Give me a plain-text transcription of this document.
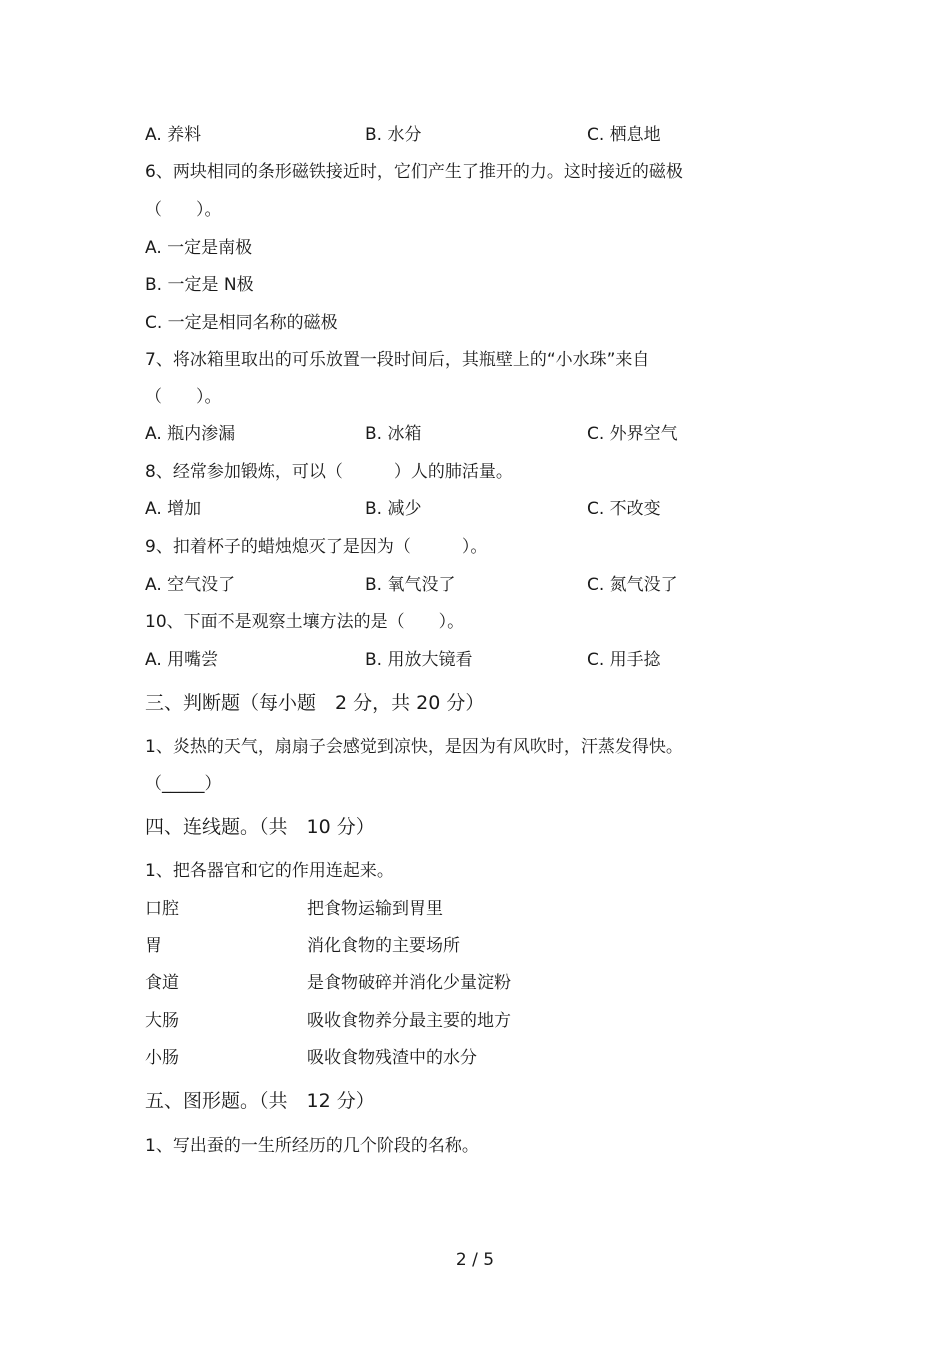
A. 养料	B. 水分	C. 栖息地
6、两块相同的条形磁铁接近时，它们产生了推开的力。这时接近的磁极
（　　）。
A. 一定是南极
B. 一定是 N极
C. 一定是相同名称的磁极
7、将冰箱里取出的可乐放置一段时间后，其瓶壁上的“小水珠”来自
（　　）。
A. 瓶内渗漏	B. 冰箱	C. 外界空气
8、经常参加锻炼，可以（　　　）人的肺活量。
A. 增加	B. 减少	C. 不改变
9、扣着杯子的蜡烛熄灭了是因为（　　　）。
A. 空气没了	B. 氧气没了	C. 氮气没了
10、下面不是观察土壤方法的是（　　）。
A. 用嘴尝	B. 用放大镜看	C. 用手捻
三、判断题（每小题　2 分，共 20 分）
1、炎热的天气，扇扇子会感觉到凉快，是因为有风吹时，汗蒸发得快。
（_____）
四、连线题。（共　10 分）
1、把各器官和它的作用连起来。
口腔	把食物运输到胃里
胃	消化食物的主要场所
食道	是食物破碎并消化少量淀粉
大肠	吸收食物养分最主要的地方
小肠	吸收食物残渣中的水分
五、图形题。（共　12 分）
1、写出蚕的一生所经历的几个阶段的名称。
2 / 5
